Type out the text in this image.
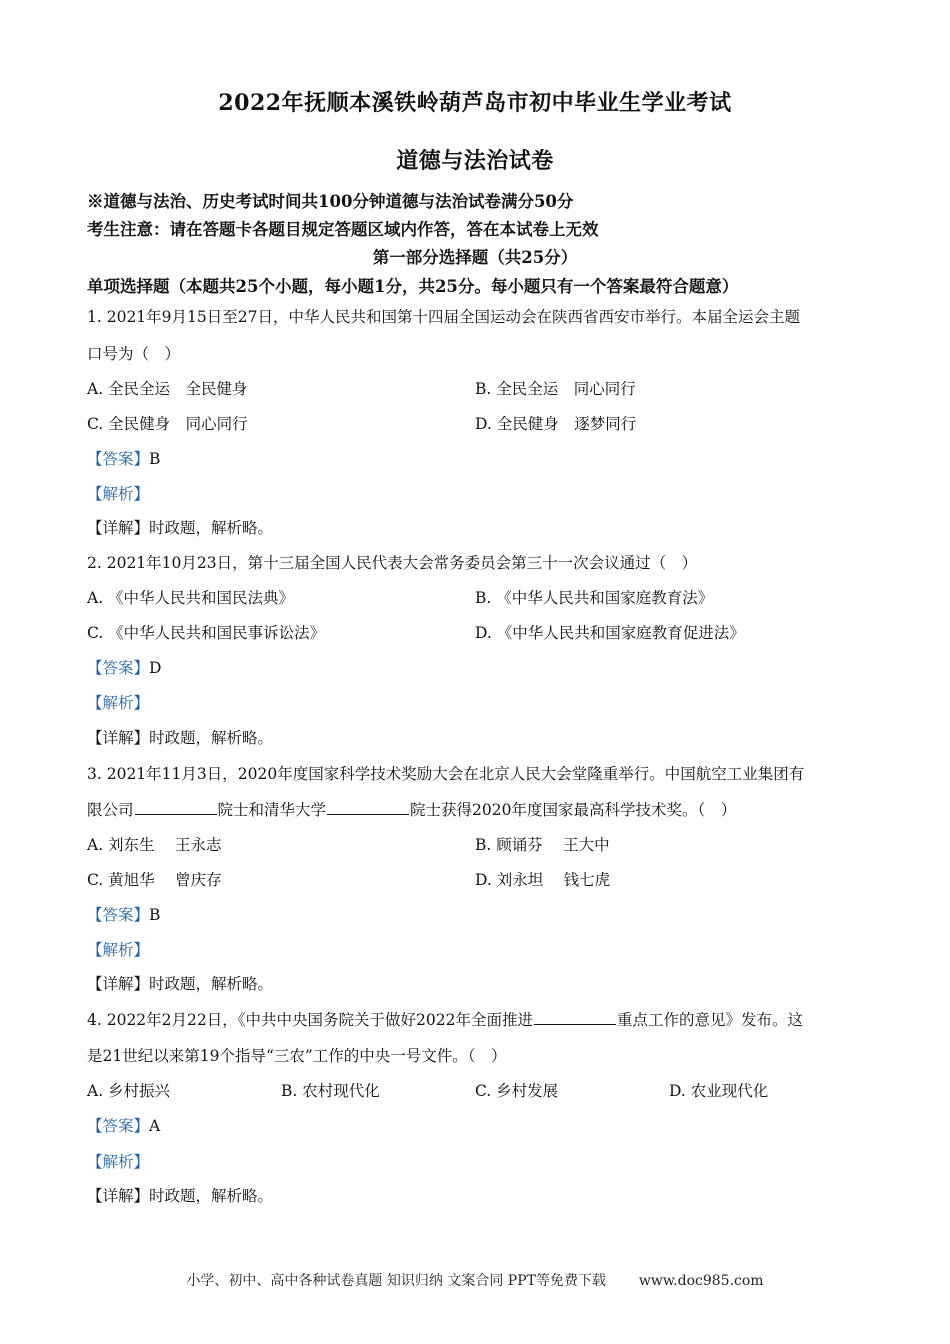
2022年抚顺本溪铁岭葫芦岛市初中毕业生学业考试
道德与法治试卷
※道德与法治、历史考试时间共100分钟道德与法治试卷满分50分
考生注意：请在答题卡各题目规定答题区域内作答，答在本试卷上无效
第一部分选择题（共25分）
单项选择题（本题共25个小题，每小题1分，共25分。每小题只有一个答案最符合题意）
1. 2021年9月15日至27日，中华人民共和国第十四届全国运动会在陕西省西安市举行。本届全运会主题
口号为（　）
A. 全民全运　全民健身	B. 全民全运　同心同行
C. 全民健身　同心同行	D. 全民健身　逐梦同行
【答案】B
【解析】
【详解】时政题，解析略。
2. 2021年10月23日，第十三届全国人民代表大会常务委员会第三十一次会议通过（　）
A. 《中华人民共和国民法典》	B. 《中华人民共和国家庭教育法》
C. 《中华人民共和国民事诉讼法》	D. 《中华人民共和国家庭教育促进法》
【答案】D
【解析】
【详解】时政题，解析略。
3. 2021年11月3日，2020年度国家科学技术奖励大会在北京人民大会堂隆重举行。中国航空工业集团有
限公司	院士和清华大学	院士获得2020年度国家最高科学技术奖。（　）
A. 刘东生　 王永志	B. 顾诵芬　 王大中
C. 黄旭华　 曾庆存	D. 刘永坦　 钱七虎
【答案】B
【解析】
【详解】时政题，解析略。
4. 2022年2月22日，《中共中央国务院关于做好2022年全面推进	重点工作的意见》发布。这
是21世纪以来第19个指导“三农”工作的中央一号文件。（　）
A. 乡村振兴	B. 农村现代化	C. 乡村发展	D. 农业现代化
【答案】A
【解析】
【详解】时政题，解析略。
小学、初中、高中各种试卷真题 知识归纳 文案合同 PPT等免费下载 www.doc985.com
